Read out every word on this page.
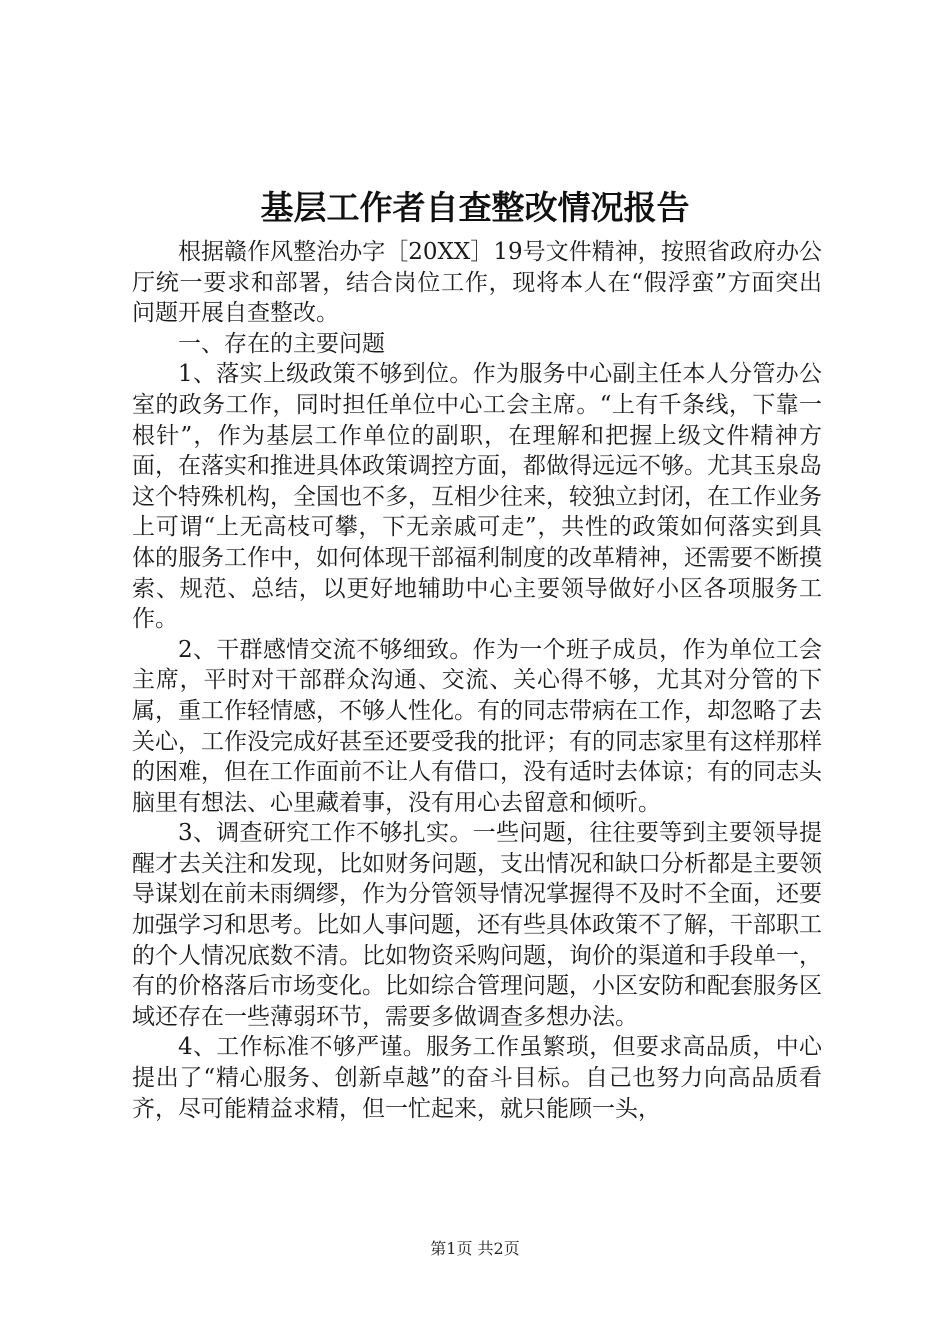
基层工作者自查整改情况报告

根据赣作风整治办字［20XX］19号文件精神，按照省政府办公厅统一要求和部署，结合岗位工作，现将本人在“假浮蛮”方面突出问题开展自查整改。

一、存在的主要问题

1、落实上级政策不够到位。作为服务中心副主任本人分管办公室的政务工作，同时担任单位中心工会主席。“上有千条线，下靠一根针”，作为基层工作单位的副职，在理解和把握上级文件精神方面，在落实和推进具体政策调控方面，都做得远远不够。尤其玉泉岛这个特殊机构，全国也不多，互相少往来，较独立封闭，在工作业务上可谓“上无高枝可攀，下无亲戚可走”，共性的政策如何落实到具体的服务工作中，如何体现干部福利制度的改革精神，还需要不断摸索、规范、总结，以更好地辅助中心主要领导做好小区各项服务工作。

2、干群感情交流不够细致。作为一个班子成员，作为单位工会主席，平时对干部群众沟通、交流、关心得不够，尤其对分管的下属，重工作轻情感，不够人性化。有的同志带病在工作，却忽略了去关心，工作没完成好甚至还要受我的批评；有的同志家里有这样那样的困难，但在工作面前不让人有借口，没有适时去体谅；有的同志头脑里有想法、心里藏着事，没有用心去留意和倾听。

3、调查研究工作不够扎实。一些问题，往往要等到主要领导提醒才去关注和发现，比如财务问题，支出情况和缺口分析都是主要领导谋划在前未雨绸缪，作为分管领导情况掌握得不及时不全面，还要加强学习和思考。比如人事问题，还有些具体政策不了解，干部职工的个人情况底数不清。比如物资采购问题，询价的渠道和手段单一，有的价格落后市场变化。比如综合管理问题，小区安防和配套服务区域还存在一些薄弱环节，需要多做调查多想办法。

4、工作标准不够严谨。服务工作虽繁琐，但要求高品质，中心提出了“精心服务、创新卓越”的奋斗目标。自己也努力向高品质看齐，尽可能精益求精，但一忙起来，就只能顾一头，

第1页 共2页
